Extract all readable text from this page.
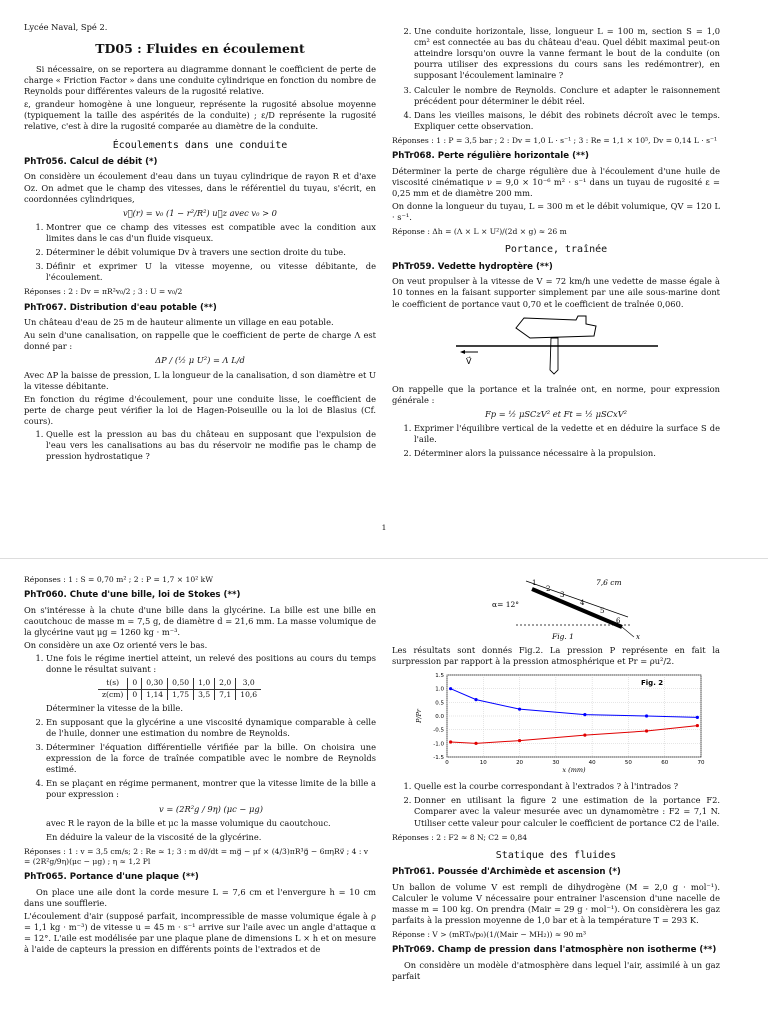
Lycée Naval, Spé 2.
TD05 : Fluides en écoulement

Si nécessaire, on se reportera au diagramme donnant le coefficient de perte de charge « Friction Factor » dans une conduite cylindrique en fonction du nombre de Reynolds pour différentes valeurs de la rugosité relative.

ε, grandeur homogène à une longueur, représente la rugosité absolue moyenne (typiquement la taille des aspérités de la conduite) ; ε/D représente la rugosité relative, c'est à dire la rugosité comparée au diamètre de la conduite.

Écoulements dans une conduite
PhTr056. Calcul de débit (*)

On considère un écoulement d'eau dans un tuyau cylindrique de rayon R et d'axe Oz. On admet que le champ des vitesses, dans le référentiel du tuyau, s'écrit, en coordonnées cylindriques,

v⃗(r) = v₀ (1 − r²/R²) u⃗z avec v₀ > 0
1. Montrer que ce champ des vitesses est compatible avec la condition aux limites dans le cas d'un fluide visqueux.
2. Déterminer le débit volumique Dv à travers une section droite du tube.
3. Définir et exprimer U la vitesse moyenne, ou vitesse débitante, de l'écoulement.
Réponses : 2 : Dv = πR²v₀/2 ; 3 : U = v₀/2
PhTr067. Distribution d'eau potable (**)

Un château d'eau de 25 m de hauteur alimente un village en eau potable.

Au sein d'une canalisation, on rappelle que le coefficient de perte de charge Λ est donné par :

ΔP / (½ μ U²) = Λ L/d

Avec ΔP la baisse de pression, L la longueur de la canalisation, d son diamètre et U la vitesse débitante.

En fonction du régime d'écoulement, pour une conduite lisse, le coefficient de perte de charge peut vérifier la loi de Hagen-Poiseuille ou la loi de Blasius (Cf. cours).

1. Quelle est la pression au bas du château en supposant que l'expulsion de l'eau vers les canalisations au bas du réservoir ne modifie pas le champ de pression hydrostatique ?
2. Une conduite horizontale, lisse, longueur L = 100 m, section S = 1,0 cm² est connectée au bas du château d'eau. Quel débit maximal peut-on atteindre lorsqu'on ouvre la vanne fermant le bout de la conduite (on pourra utiliser des expressions du cours sans les redémontrer), en supposant l'écoulement laminaire ?
3. Calculer le nombre de Reynolds. Conclure et adapter le raisonnement précédent pour déterminer le débit réel.
4. Dans les vieilles maisons, le débit des robinets décroît avec le temps. Expliquer cette observation.
Réponses : 1 : P = 3,5 bar ; 2 : Dv = 1,0 L · s⁻¹ ; 3 : Re = 1,1 × 10⁵, Dv = 0,14 L · s⁻¹
PhTr068. Perte régulière horizontale (**)

Déterminer la perte de charge régulière due à l'écoulement d'une huile de viscosité cinématique ν = 9,0 × 10⁻⁶ m² · s⁻¹ dans un tuyau de rugosité ε = 0,25 mm et de diamètre 200 mm.

On donne la longueur du tuyau, L = 300 m et le débit volumique, QV = 120 L · s⁻¹.

Réponse : Δh = (Λ × L × U²)/(2d × g) ≈ 26 m
Portance, traînée
PhTr059. Vedette hydroptère (**)

On veut propulser à la vitesse de V = 72 km/h une vedette de masse égale à 10 tonnes en la faisant supporter simplement par une aile sous-marine dont le coefficient de portance vaut 0,70 et le coefficient de traînée 0,060.

V⃗

On rappelle que la portance et la traînée ont, en norme, pour expression générale :

Fp = ½ μSCzV² et Ft = ½ μSCxV²
1. Exprimer l'équilibre vertical de la vedette et en déduire la surface S de l'aile.
2. Déterminer alors la puissance nécessaire à la propulsion.
1
Réponses : 1 : S = 0,70 m² ; 2 : P = 1,7 × 10² kW
PhTr060. Chute d'une bille, loi de Stokes (**)

On s'intéresse à la chute d'une bille dans la glycérine. La bille est une bille en caoutchouc de masse m = 7,5 g, de diamètre d = 21,6 mm. La masse volumique de la glycérine vaut μg = 1260 kg · m⁻³.

On considère un axe Oz orienté vers le bas.

1. Une fois le régime inertiel atteint, un relevé des positions au cours du temps donne le résultat suivant :
t(s)	0	0,30	0,50	1,0	2,0	3,0
z(cm)	0	1,14	1,75	3,5	7,1	10,6
Déterminer la vitesse de la bille.
2. En supposant que la glycérine a une viscosité dynamique comparable à celle de l'huile, donner une estimation du nombre de Reynolds.
3. Déterminer l'équation différentielle vérifiée par la bille. On choisira une expression de la force de traînée compatible avec le nombre de Reynolds estimé.
4. En se plaçant en régime permanent, montrer que la vitesse limite de la bille a pour expression :
v = (2R²g / 9η) (μc − μg)
avec R le rayon de la bille et μc la masse volumique du caoutchouc.
En déduire la valeur de la viscosité de la glycérine.
Réponses : 1 : v = 3,5 cm/s; 2 : Re ≃ 1; 3 : m dv⃗/dt = mg⃗ − μf × (4/3)πR³g⃗ − 6πηRv⃗ ; 4 : v = (2R²g/9η)(μc − μg) ; η ≈ 1,2 Pl
PhTr065. Portance d'une plaque (**)

On place une aile dont la corde mesure L = 7,6 cm et l'envergure h = 10 cm dans une soufflerie.

L'écoulement d'air (supposé parfait, incompressible de masse volumique égale à ρ = 1,1 kg · m⁻³) de vitesse u = 45 m · s⁻¹ arrive sur l'aile avec un angle d'attaque α = 12°. L'aile est modélisée par une plaque plane de dimensions L × h et on mesure à l'aide de capteurs la pression en différents points de l'extrados et de

7,6 cm
α= 12°
1
2
3
4
5
6
x
Fig. 1

Les résultats sont donnés Fig.2. La pression P représente en fait la surpression par rapport à la pression atmosphérique et Pr = ρu²/2.

-1.5
-1.0
-0.5
0.0
0.5
1.0
1.5
0	10	20	30	40	50	60	70
x (mm)
P/Pr
Fig. 2
1. Quelle est la courbe correspondant à l'extrados ? à l'intrados ?
2. Donner en utilisant la figure 2 une estimation de la portance F2. Comparer avec la valeur mesurée avec un dynamomètre : F2 = 7,1 N. Utiliser cette valeur pour calculer le coefficient de portance C2 de l'aile.
Réponses : 2 : F2 ≈ 8 N; C2 = 0,84
Statique des fluides
PhTr061. Poussée d'Archimède et ascension (*)

Un ballon de volume V est rempli de dihydrogène (M = 2,0 g · mol⁻¹). Calculer le volume V nécessaire pour entrainer l'ascension d'une nacelle de masse m = 100 kg. On prendra (Mair = 29 g · mol⁻¹). On considèrera les gaz parfaits à la pression moyenne de 1,0 bar et à la température T = 293 K.

Réponse : V > (mRT₀/p₀)(1/(Mair − MH₂)) ≈ 90 m³
PhTr069. Champ de pression dans l'atmosphère non isotherme (**)

On considère un modèle d'atmosphère dans lequel l'air, assimilé à un gaz parfait
